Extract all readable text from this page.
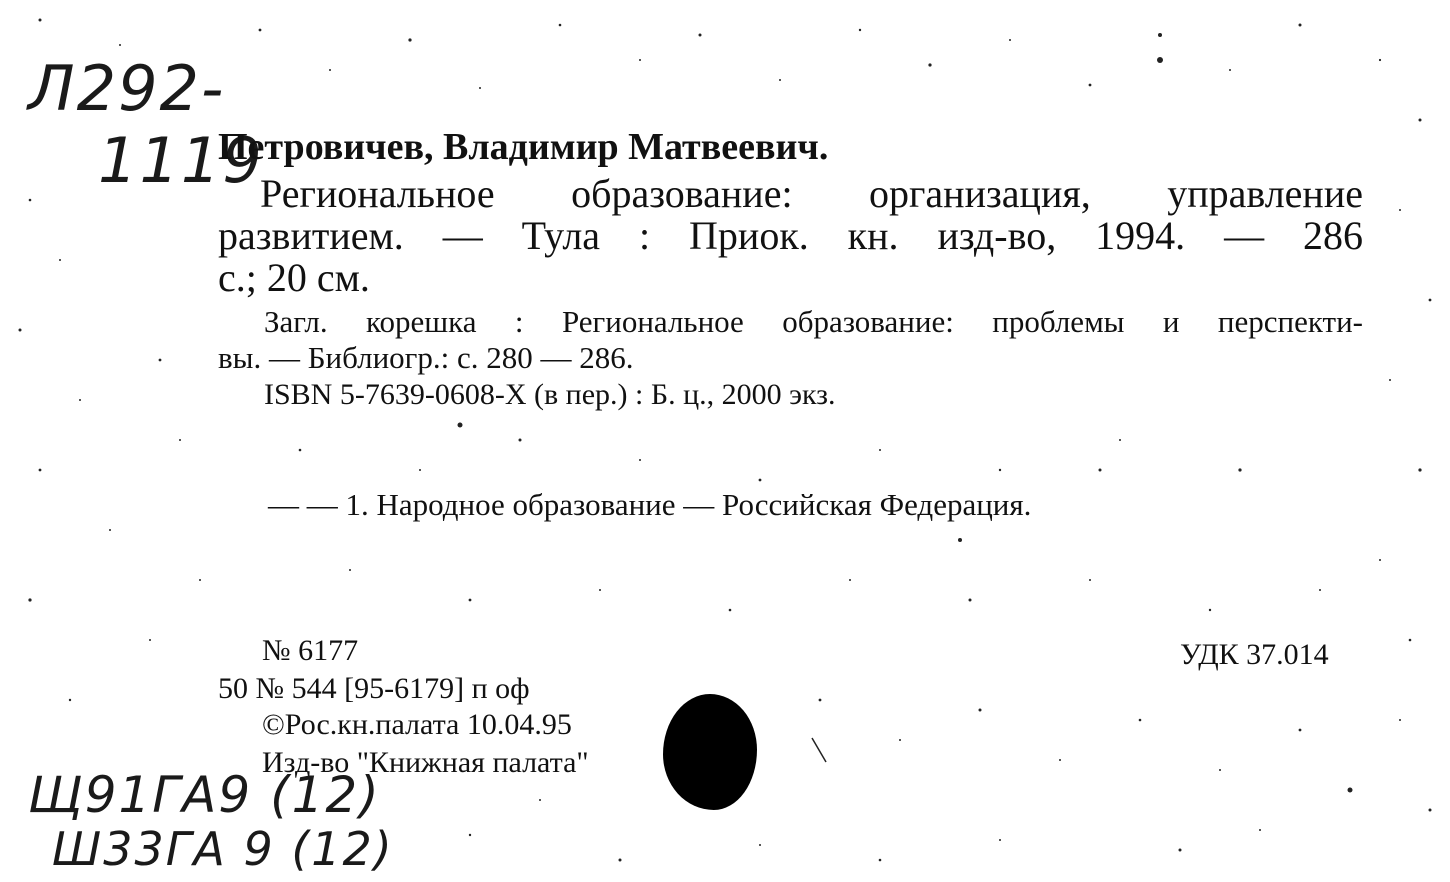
Л292-
1119
Петровичев, Владимир Матвеевич.
Региональное образование: организация, управление
развитием. — Тула : Приок. кн. изд-во, 1994. — 286
с.; 20 см.
Загл. корешка : Региональное образование: проблемы и перспекти-
вы. — Библиогр.: с. 280 — 286.
ISBN 5-7639-0608-X (в пер.) : Б. ц., 2000 экз.
— — 1. Народное образование — Российская Федерация.
№ 6177
50 № 544 [95-6179] п оф
©Рос.кн.палата 10.04.95
Изд-во "Книжная палата"
УДК 37.014
Щ91ГА9 (12)
Ш33ГА 9 (12)
